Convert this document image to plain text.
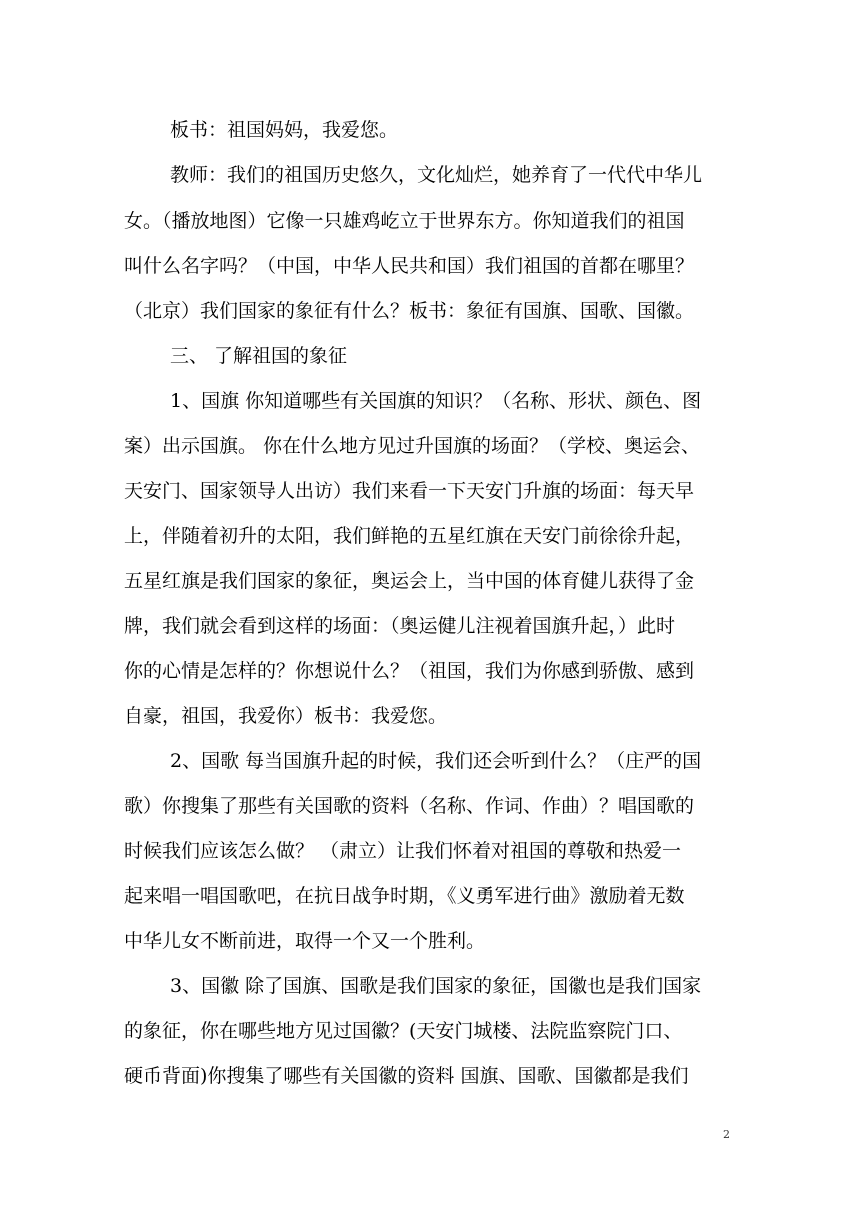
板书：祖国妈妈，我爱您。
教师：我们的祖国历史悠久，文化灿烂，她养育了一代代中华儿
女。（播放地图）它像一只雄鸡屹立于世界东方。你知道我们的祖国
叫什么名字吗？（中国，中华人民共和国）我们祖国的首都在哪里？
（北京）我们国家的象征有什么？板书：象征有国旗、国歌、国徽。
三、 了解祖国的象征
1、国旗 你知道哪些有关国旗的知识？（名称、形状、颜色、图
案）出示国旗。 你在什么地方见过升国旗的场面？（学校、奥运会、
天安门、国家领导人出访）我们来看一下天安门升旗的场面：每天早
上，伴随着初升的太阳，我们鲜艳的五星红旗在天安门前徐徐升起，
五星红旗是我们国家的象征，奥运会上，当中国的体育健儿获得了金
牌，我们就会看到这样的场面：（奥运健儿注视着国旗升起，）此时
你的心情是怎样的？你想说什么？（祖国，我们为你感到骄傲、感到
自豪，祖国，我爱你）板书：我爱您。
2、国歌 每当国旗升起的时候，我们还会听到什么？（庄严的国
歌）你搜集了那些有关国歌的资料（名称、作词、作曲）？唱国歌的
时候我们应该怎么做？ （肃立）让我们怀着对祖国的尊敬和热爱一
起来唱一唱国歌吧，在抗日战争时期，《义勇军进行曲》激励着无数
中华儿女不断前进，取得一个又一个胜利。
3、国徽 除了国旗、国歌是我们国家的象征，国徽也是我们国家
的象征，你在哪些地方见过国徽？(天安门城楼、法院监察院门口、
硬币背面)你搜集了哪些有关国徽的资料 国旗、国歌、国徽都是我们
2
